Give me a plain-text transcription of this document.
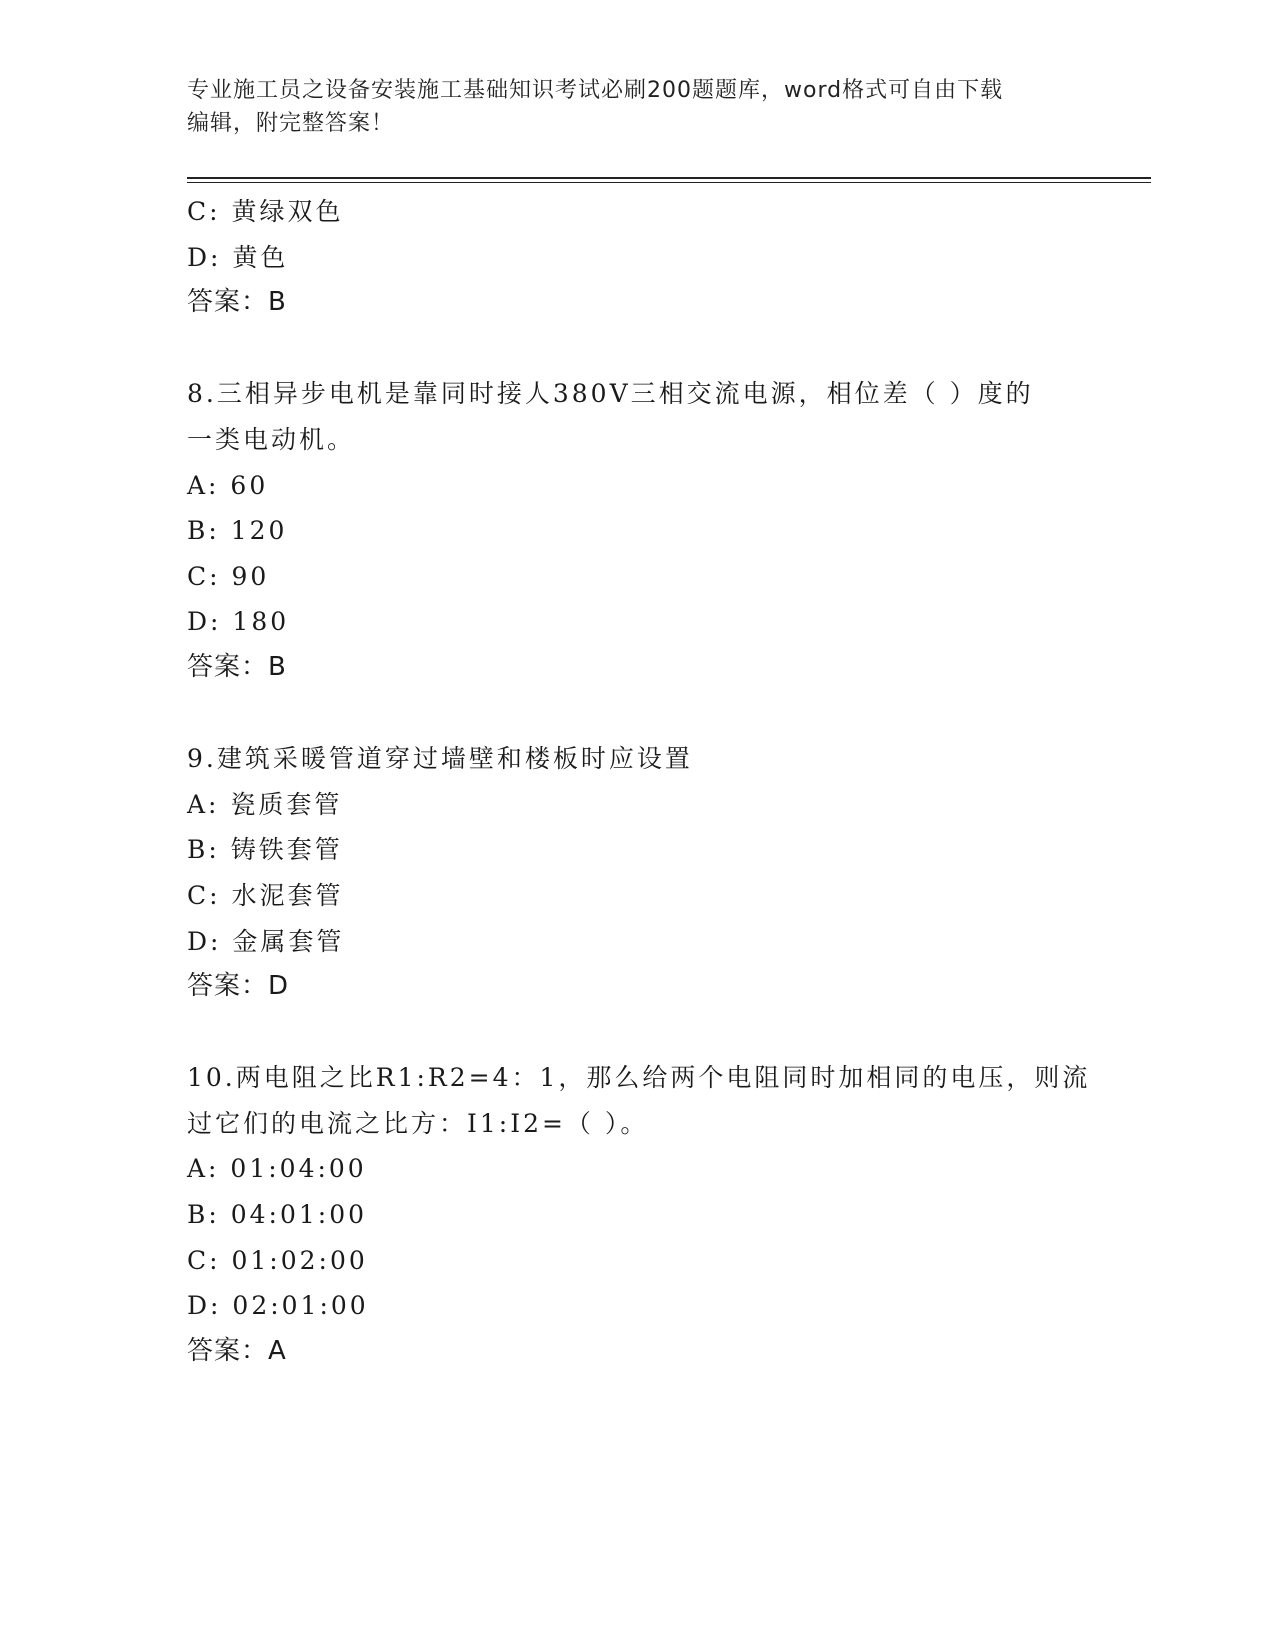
专业施工员之设备安装施工基础知识考试必刷200题题库，word格式可自由下载
编辑，附完整答案！
C: 黄绿双色
D: 黄色
答案：B
8.三相异步电机是靠同时接人380V三相交流电源，相位差（ ）度的
一类电动机。
A: 60
B: 120
C: 90
D: 180
答案：B
9.建筑采暖管道穿过墙壁和楼板时应设置
A: 瓷质套管
B: 铸铁套管
C: 水泥套管
D: 金属套管
答案：D
10.两电阻之比R1:R2=4：1，那么给两个电阻同时加相同的电压，则流
过它们的电流之比方：I1:I2=（ ）。
A: 01:04:00
B: 04:01:00
C: 01:02:00
D: 02:01:00
答案：A
